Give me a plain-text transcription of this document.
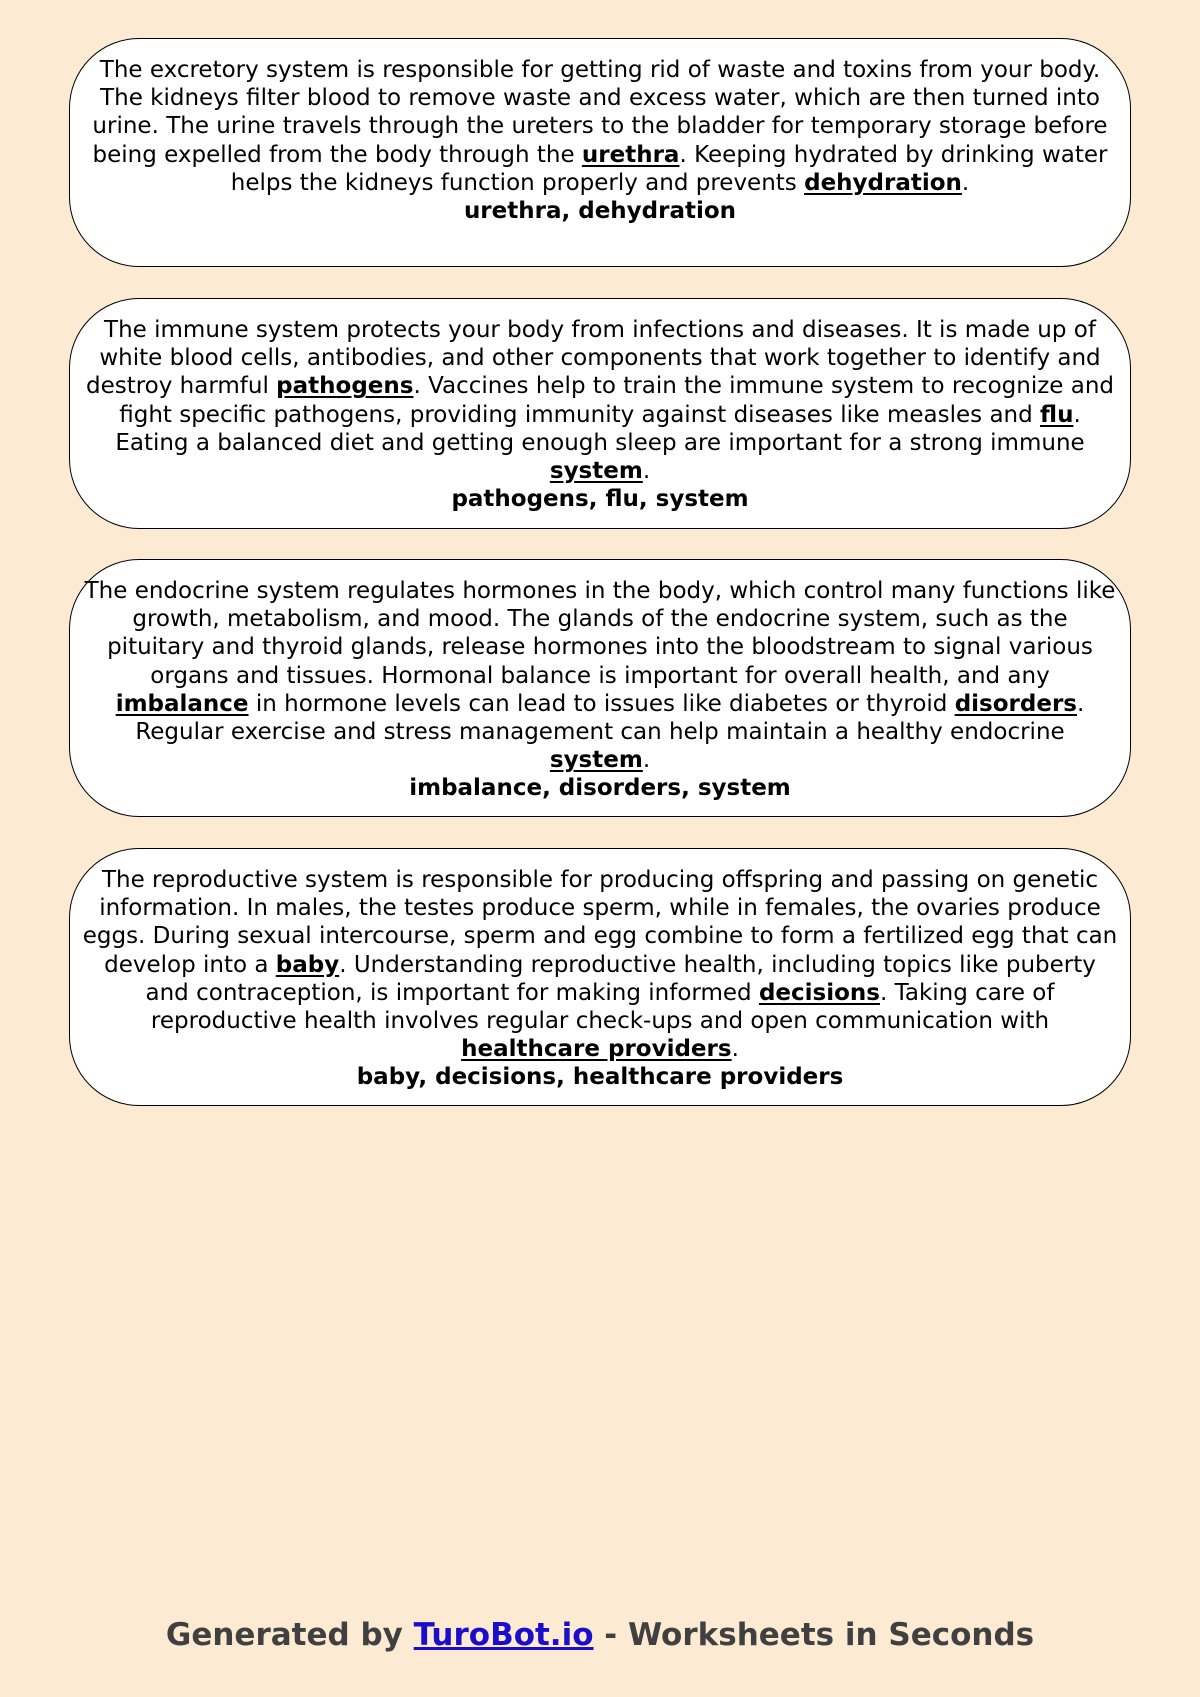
The excretory system is responsible for getting rid of waste and toxins from your body. The kidneys filter blood to remove waste and excess water, which are then turned into urine. The urine travels through the ureters to the bladder for temporary storage before being expelled from the body through the urethra. Keeping hydrated by drinking water helps the kidneys function properly and prevents dehydration.
urethra, dehydration
The immune system protects your body from infections and diseases. It is made up of white blood cells, antibodies, and other components that work together to identify and destroy harmful pathogens. Vaccines help to train the immune system to recognize and fight specific pathogens, providing immunity against diseases like measles and flu. Eating a balanced diet and getting enough sleep are important for a strong immune system.
pathogens, flu, system
The endocrine system regulates hormones in the body, which control many functions like growth, metabolism, and mood. The glands of the endocrine system, such as the pituitary and thyroid glands, release hormones into the bloodstream to signal various organs and tissues. Hormonal balance is important for overall health, and any imbalance in hormone levels can lead to issues like diabetes or thyroid disorders. Regular exercise and stress management can help maintain a healthy endocrine system.
imbalance, disorders, system
The reproductive system is responsible for producing offspring and passing on genetic information. In males, the testes produce sperm, while in females, the ovaries produce eggs. During sexual intercourse, sperm and egg combine to form a fertilized egg that can develop into a baby. Understanding reproductive health, including topics like puberty and contraception, is important for making informed decisions. Taking care of reproductive health involves regular check-ups and open communication with healthcare providers.
baby, decisions, healthcare providers
Generated by TuroBot.io - Worksheets in Seconds
